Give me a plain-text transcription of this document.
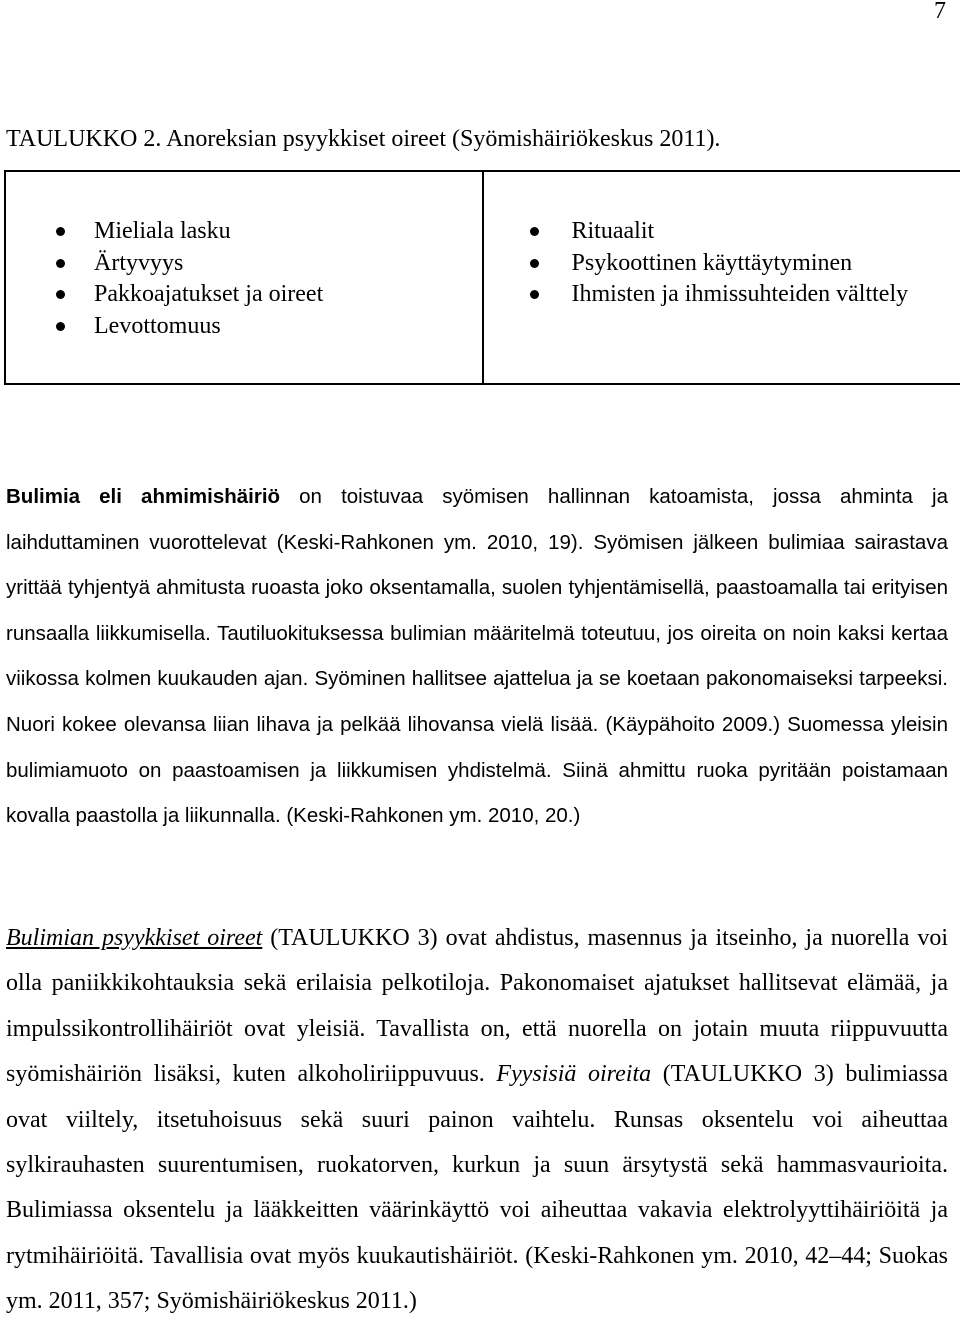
7
TAULUKKO 2. Anoreksian psyykkiset oireet (Syömishäiriökeskus 2011).
Mieliala lasku
Ärtyvyys
Pakkoajatukset ja oireet
Levottomuus

Rituaalit
Psykoottinen käyttäytyminen
Ihmisten ja ihmissuhteiden välttely

Bulimia eli ahmimishäiriö on toistuvaa syömisen hallinnan katoamista, jossa ahminta ja laihduttaminen vuorottelevat (Keski-Rahkonen ym. 2010, 19). Syömisen jälkeen bulimiaa sairastava yrittää tyhjentyä ahmitusta ruoasta joko oksentamalla, suolen tyhjentämisellä, paastoamalla tai erityisen runsaalla liikkumisella. Tautiluokituksessa bulimian määritelmä toteutuu, jos oireita on noin kaksi kertaa viikossa kolmen kuukauden ajan. Syöminen hallitsee ajattelua ja se koetaan pakonomaiseksi tarpeeksi. Nuori kokee olevansa liian lihava ja pelkää lihovansa vielä lisää. (Käypähoito 2009.) Suomessa yleisin bulimiamuoto on paastoamisen ja liikkumisen yhdistelmä. Siinä ahmittu ruoka pyritään poistamaan kovalla paastolla ja liikunnalla. (Keski-Rahkonen ym. 2010, 20.)

Bulimian psyykkiset oireet (TAULUKKO 3) ovat ahdistus, masennus ja itseinho, ja nuorella voi olla paniikkikohtauksia sekä erilaisia pelkotiloja. Pakonomaiset ajatukset hallitsevat elämää, ja impulssikontrollihäiriöt ovat yleisiä. Tavallista on, että nuorella on jotain muuta riippuvuutta syömishäiriön lisäksi, kuten alkoholiriippuvuus. Fyysisiä oireita (TAULUKKO 3) bulimiassa ovat viiltely, itsetuhoisuus sekä suuri painon vaihtelu. Runsas oksentelu voi aiheuttaa sylkirauhasten suurentumisen, ruokatorven, kurkun ja suun ärsytystä sekä hammasvaurioita. Bulimiassa oksentelu ja lääkkeitten väärinkäyttö voi aiheuttaa vakavia elektrolyyttihäiriöitä ja rytmihäiriöitä. Tavallisia ovat myös kuukautishäiriöt. (Keski-Rahkonen ym. 2010, 42–44; Suokas ym. 2011, 357; Syömishäiriökeskus 2011.)
